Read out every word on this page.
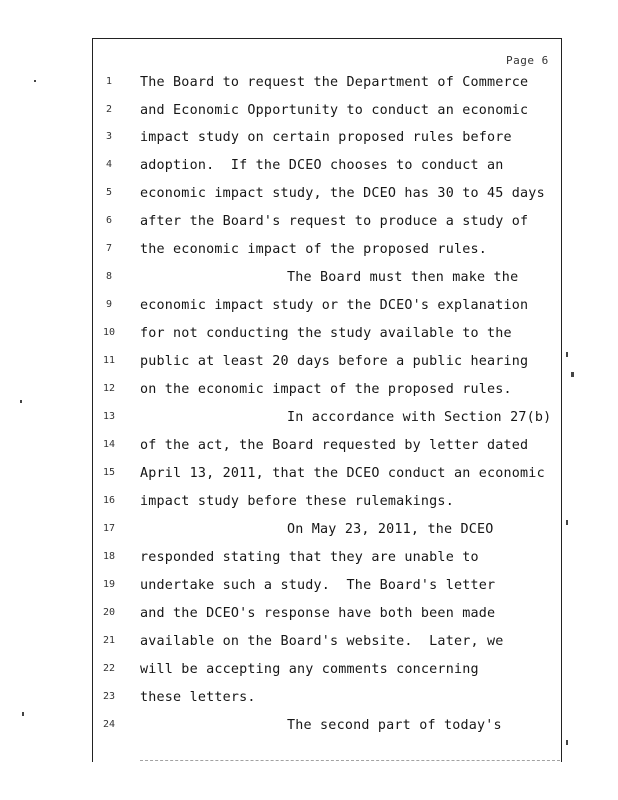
Page 6
1	The Board to request the Department of Commerce
2	and Economic Opportunity to conduct an economic
3	impact study on certain proposed rules before
4	adoption.  If the DCEO chooses to conduct an
5	economic impact study, the DCEO has 30 to 45 days
6	after the Board's request to produce a study of
7	the economic impact of the proposed rules.
8	The Board must then make the
9	economic impact study or the DCEO's explanation
10	for not conducting the study available to the
11	public at least 20 days before a public hearing
12	on the economic impact of the proposed rules.
13	In accordance with Section 27(b)
14	of the act, the Board requested by letter dated
15	April 13, 2011, that the DCEO conduct an economic
16	impact study before these rulemakings.
17	On May 23, 2011, the DCEO
18	responded stating that they are unable to
19	undertake such a study.  The Board's letter
20	and the DCEO's response have both been made
21	available on the Board's website.  Later, we
22	will be accepting any comments concerning
23	these letters.
24	The second part of today's
